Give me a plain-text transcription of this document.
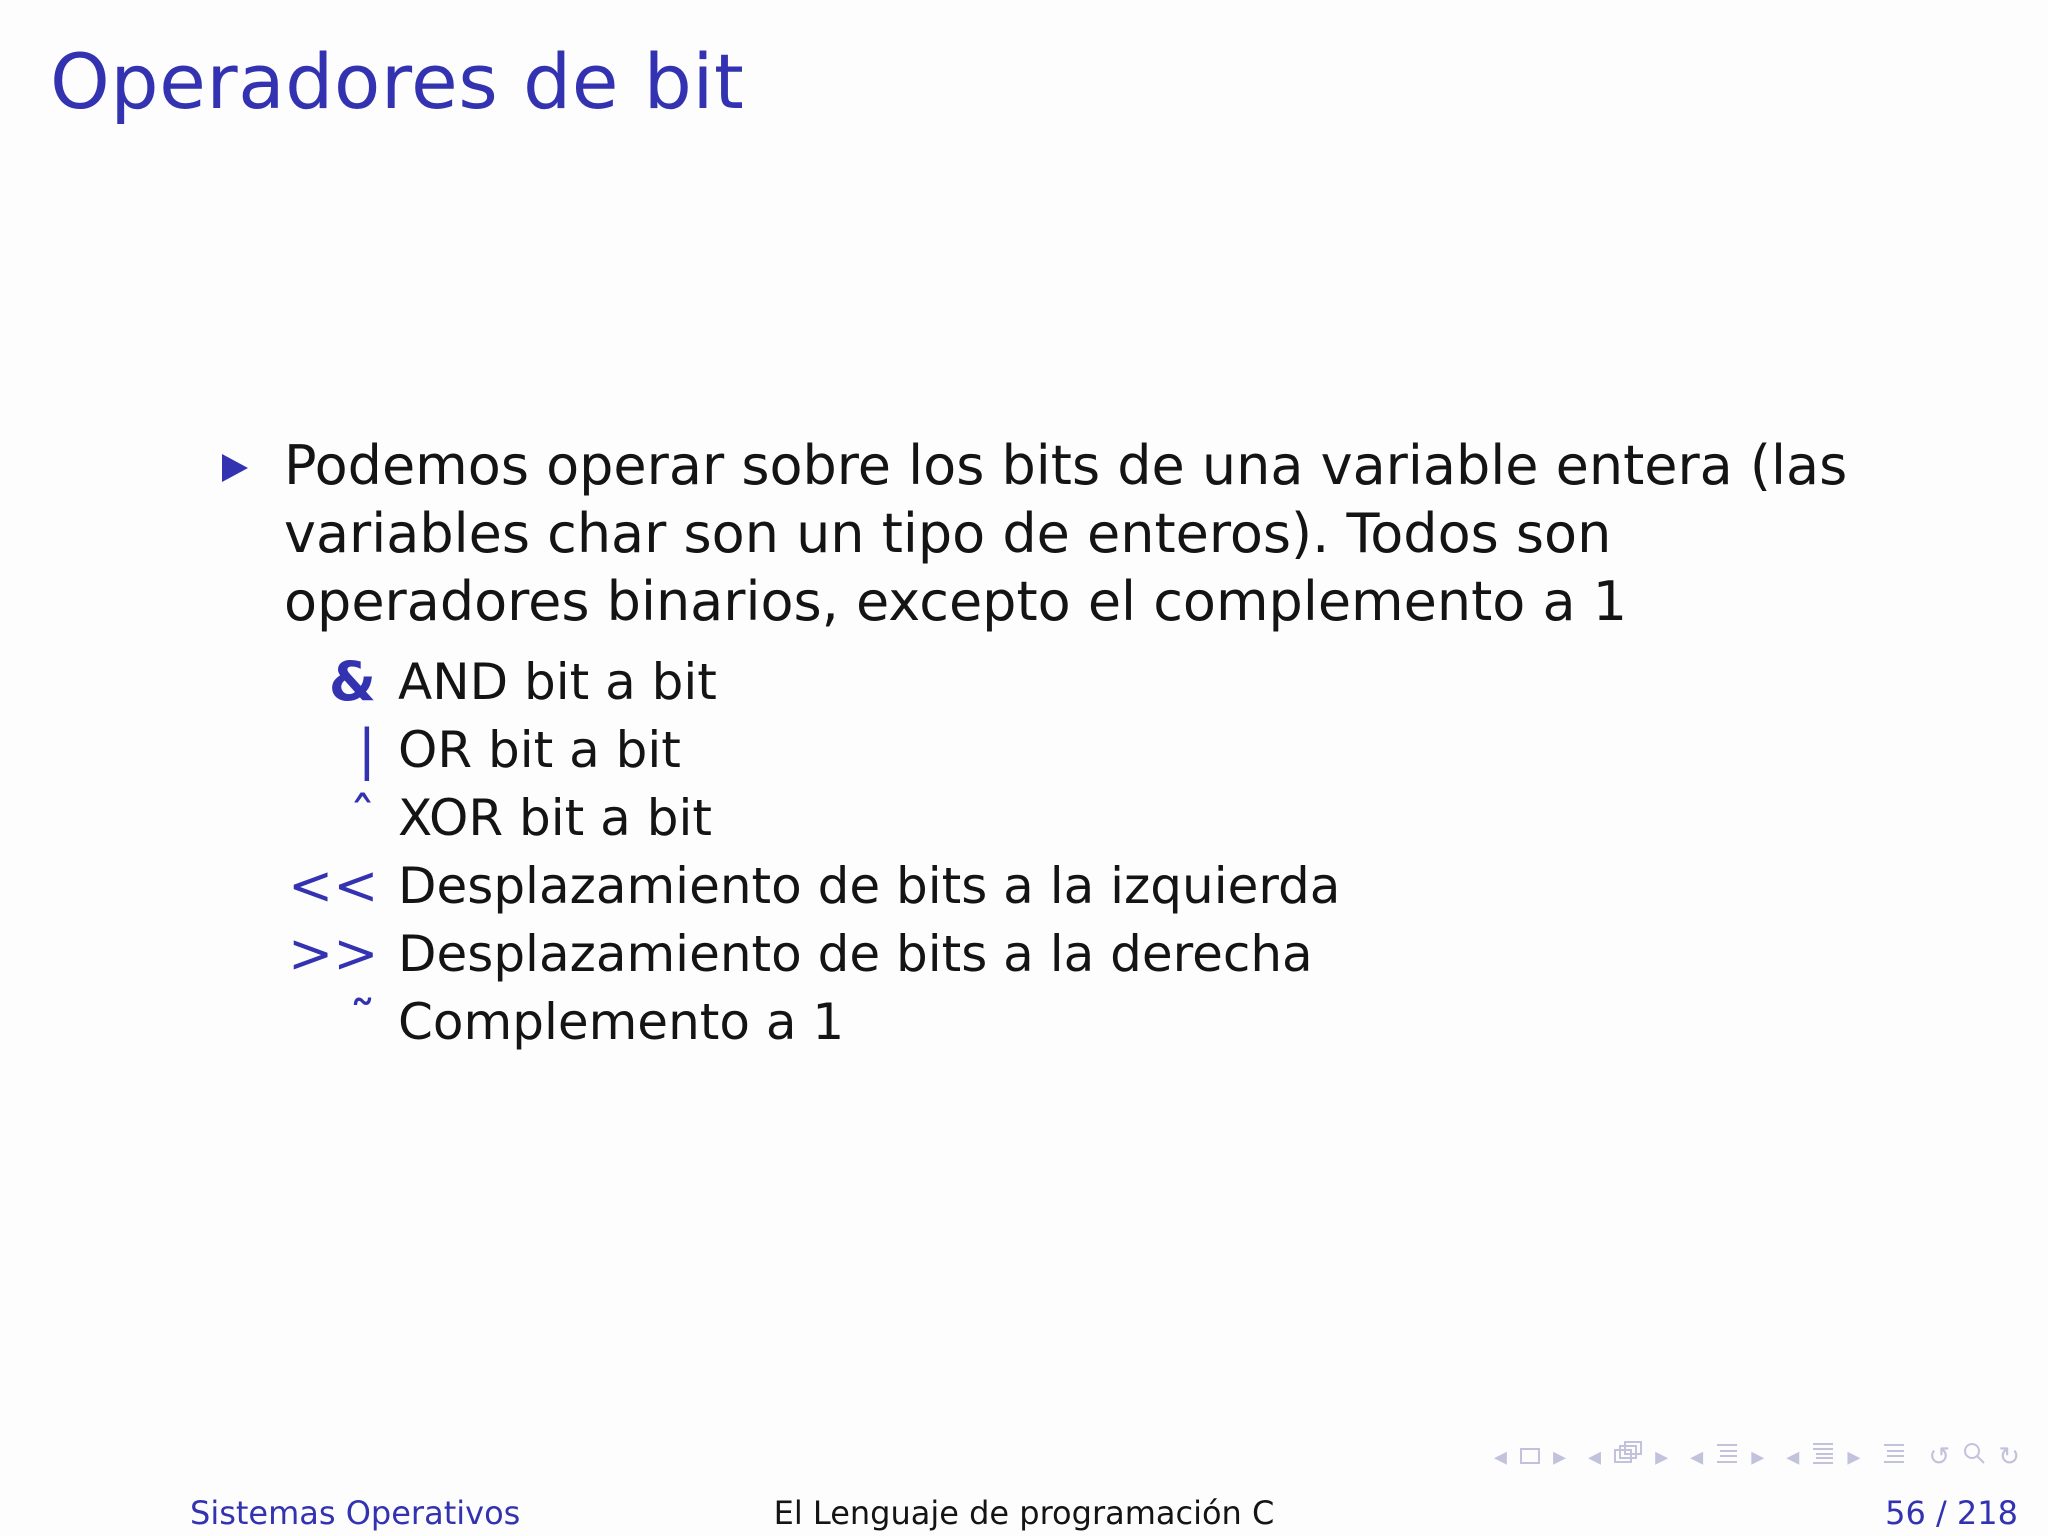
Operadores de bit

Podemos operar sobre los bits de una variable entera (las variables char son un tipo de enteros). Todos son operadores binarios, excepto el complemento a 1

& AND bit a bit
| OR bit a bit
ˆ XOR bit a bit
<< Desplazamiento de bits a la izquierda
>> Desplazamiento de bits a la derecha
˜ Complemento a 1
◂ ▸ ◂ ▸ ◂ ▸ ◂ ▸	↺ ↻
Sistemas Operativos	El Lenguaje de programación C	56 / 218
